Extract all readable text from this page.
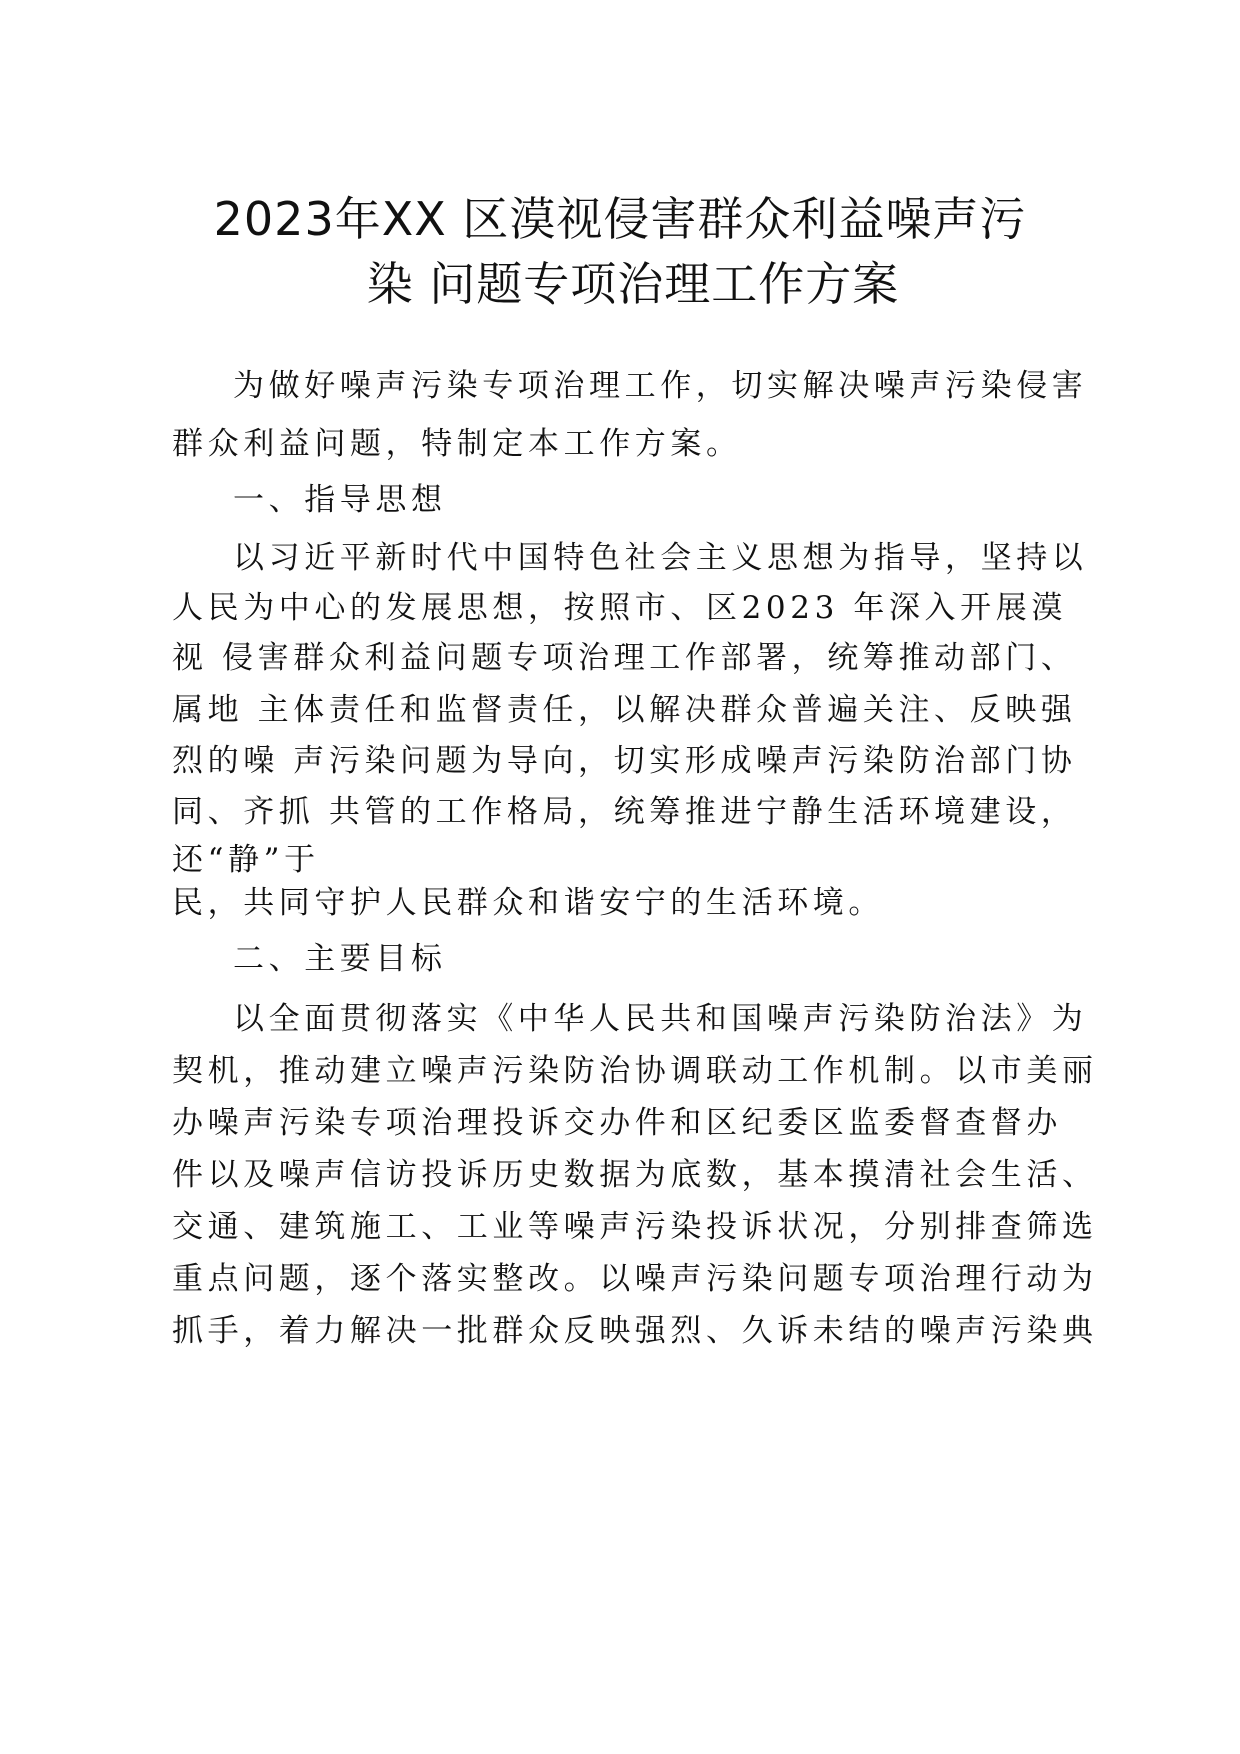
2023年XX 区漠视侵害群众利益噪声污
染 问题专项治理工作方案
为做好噪声污染专项治理工作，切实解决噪声污染侵害
群众利益问题，特制定本工作方案。
一、指导思想
以习近平新时代中国特色社会主义思想为指导，坚持以
人民为中心的发展思想，按照市、区2023 年深入开展漠
视 侵害群众利益问题专项治理工作部署，统筹推动部门、
属地 主体责任和监督责任，以解决群众普遍关注、反映强
烈的噪 声污染问题为导向，切实形成噪声污染防治部门协
同、齐抓 共管的工作格局，统筹推进宁静生活环境建设，
还“静”于
民，共同守护人民群众和谐安宁的生活环境。
二、主要目标
以全面贯彻落实《中华人民共和国噪声污染防治法》为
契机，推动建立噪声污染防治协调联动工作机制。以市美丽
办噪声污染专项治理投诉交办件和区纪委区监委督查督办
件以及噪声信访投诉历史数据为底数，基本摸清社会生活、
交通、建筑施工、工业等噪声污染投诉状况，分别排查筛选
重点问题，逐个落实整改。以噪声污染问题专项治理行动为
抓手，着力解决一批群众反映强烈、久诉未结的噪声污染典
